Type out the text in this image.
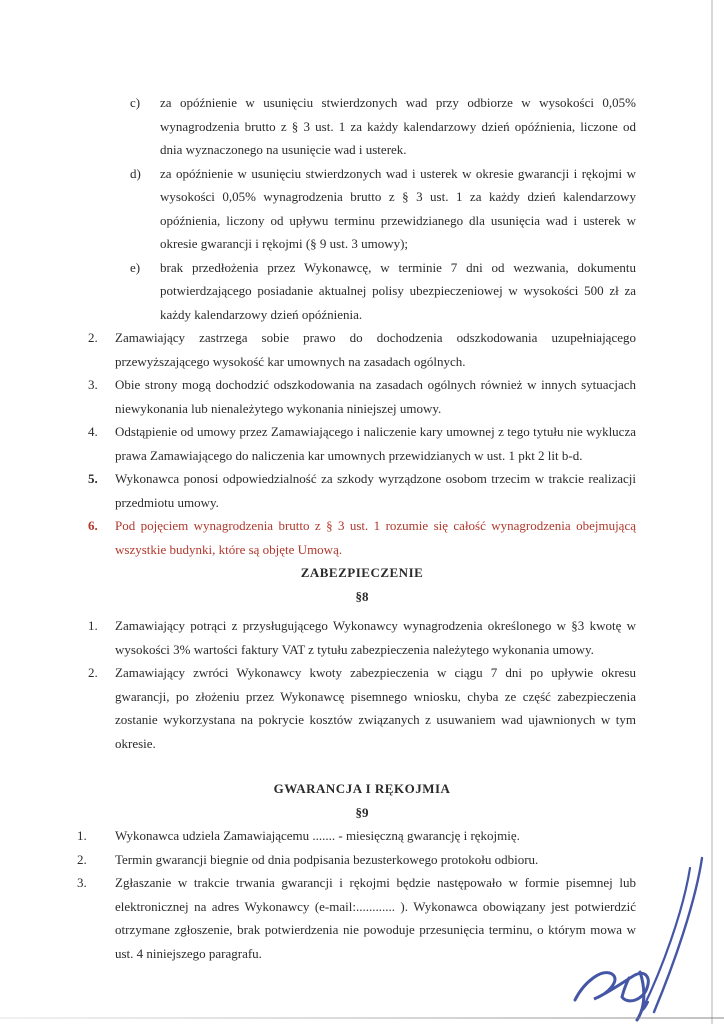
c)	za opóźnienie w usunięciu stwierdzonych wad przy odbiorze w wysokości 0,05% wynagrodzenia brutto z § 3 ust. 1 za każdy kalendarzowy dzień opóźnienia, liczone od dnia wyznaczonego na usunięcie wad i usterek.
d)	za opóźnienie w usunięciu stwierdzonych wad i usterek w okresie gwarancji i rękojmi w wysokości 0,05% wynagrodzenia brutto z § 3 ust. 1 za każdy dzień kalendarzowy opóźnienia, liczony od upływu terminu przewidzianego dla usunięcia wad i usterek w okresie gwarancji i rękojmi (§ 9 ust. 3 umowy);
e)	brak przedłożenia przez Wykonawcę, w terminie 7 dni od wezwania, dokumentu potwierdzającego posiadanie aktualnej polisy ubezpieczeniowej w wysokości 500 zł za każdy kalendarzowy dzień opóźnienia.
2.	Zamawiający zastrzega sobie prawo do dochodzenia odszkodowania uzupełniającego przewyższającego wysokość kar umownych na zasadach ogólnych.
3.	Obie strony mogą dochodzić odszkodowania na zasadach ogólnych również w innych sytuacjach niewykonania lub nienależytego wykonania niniejszej umowy.
4.	Odstąpienie od umowy przez Zamawiającego i naliczenie kary umownej z tego tytułu nie wyklucza prawa Zamawiającego do naliczenia kar umownych przewidzianych w ust. 1 pkt 2 lit b-d.
5.	Wykonawca ponosi odpowiedzialność za szkody wyrządzone osobom trzecim w trakcie realizacji przedmiotu umowy.
6.	Pod pojęciem wynagrodzenia brutto z § 3 ust. 1 rozumie się całość wynagrodzenia obejmującą wszystkie budynki, które są objęte Umową.
ZABEZPIECZENIE
§8
1.	Zamawiający potrąci z przysługującego Wykonawcy wynagrodzenia określonego w §3 kwotę w wysokości 3% wartości faktury VAT z tytułu zabezpieczenia należytego wykonania umowy.
2.	Zamawiający zwróci Wykonawcy kwoty zabezpieczenia w ciągu 7 dni po upływie okresu gwarancji, po złożeniu przez Wykonawcę pisemnego wniosku, chyba ze część zabezpieczenia zostanie wykorzystana na pokrycie kosztów związanych z usuwaniem wad ujawnionych w tym okresie.
GWARANCJA I RĘKOJMIA
§9
1.	Wykonawca udziela Zamawiającemu ....... - miesięczną gwarancję i rękojmię.
2.	Termin gwarancji biegnie od dnia podpisania bezusterkowego protokołu odbioru.
3.	Zgłaszanie w trakcie trwania gwarancji i rękojmi będzie następowało w formie pisemnej lub elektronicznej na adres Wykonawcy (e-mail:............ ). Wykonawca obowiązany jest potwierdzić otrzymane zgłoszenie, brak potwierdzenia nie powoduje przesunięcia terminu, o którym mowa w ust. 4 niniejszego paragrafu.
